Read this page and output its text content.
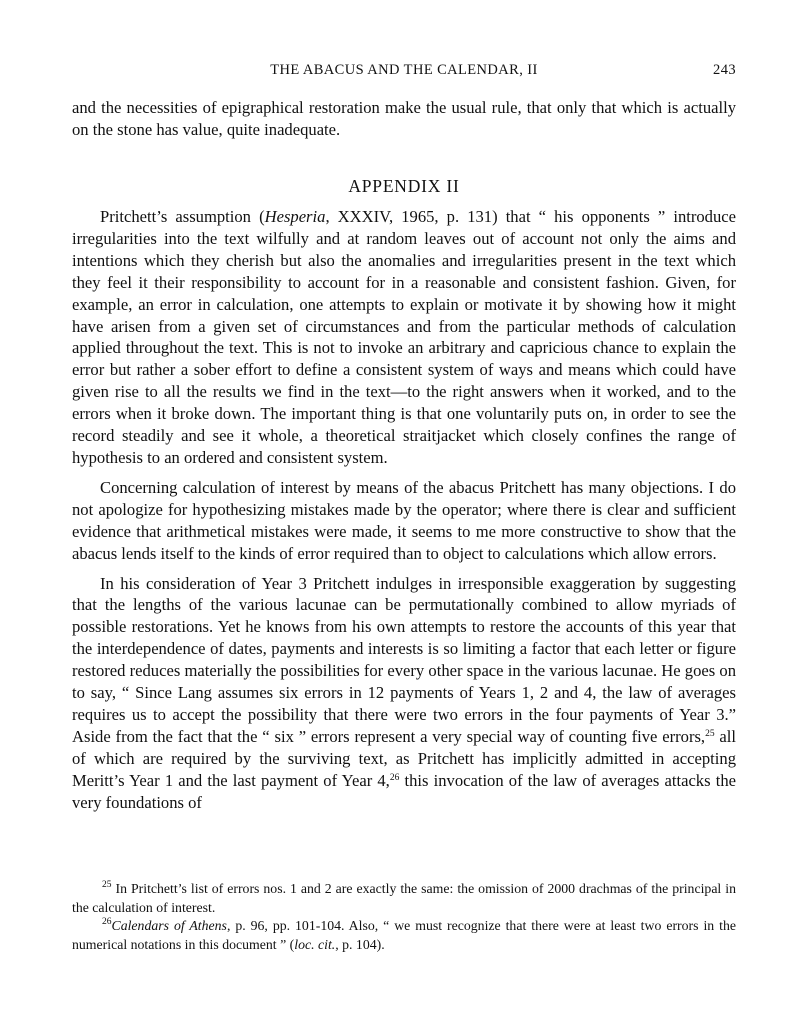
THE ABACUS AND THE CALENDAR, II	243

and the necessities of epigraphical restoration make the usual rule, that only that which is actually on the stone has value, quite inadequate.

APPENDIX II

Pritchett’s assumption (Hesperia, XXXIV, 1965, p. 131) that “ his opponents ” introduce irregularities into the text wilfully and at random leaves out of account not only the aims and intentions which they cherish but also the anomalies and irregularities present in the text which they feel it their responsibility to account for in a reasonable and consistent fashion. Given, for example, an error in calculation, one attempts to explain or motivate it by showing how it might have arisen from a given set of circumstances and from the particular methods of calculation applied throughout the text. This is not to invoke an arbitrary and capricious chance to explain the error but rather a sober effort to define a consistent system of ways and means which could have given rise to all the results we find in the text—to the right answers when it worked, and to the errors when it broke down. The important thing is that one voluntarily puts on, in order to see the record steadily and see it whole, a theoretical straitjacket which closely confines the range of hypothesis to an ordered and consistent system.

Concerning calculation of interest by means of the abacus Pritchett has many objections. I do not apologize for hypothesizing mistakes made by the operator; where there is clear and sufficient evidence that arithmetical mistakes were made, it seems to me more constructive to show that the abacus lends itself to the kinds of error required than to object to calculations which allow errors.

In his consideration of Year 3 Pritchett indulges in irresponsible exaggeration by suggesting that the lengths of the various lacunae can be permutationally combined to allow myriads of possible restorations. Yet he knows from his own attempts to restore the accounts of this year that the interdependence of dates, payments and interests is so limiting a factor that each letter or figure restored reduces materially the possibilities for every other space in the various lacunae. He goes on to say, “ Since Lang assumes six errors in 12 payments of Years 1, 2 and 4, the law of averages requires us to accept the possibility that there were two errors in the four payments of Year 3.” Aside from the fact that the “ six ” errors represent a very special way of counting five errors,$^{25}$ all of which are required by the surviving text, as Pritchett has implicitly admitted in accepting Meritt’s Year 1 and the last payment of Year 4,26 this invocation of the law of averages attacks the very foundations of

$^{25}$ In Pritchett’s list of errors nos. 1 and 2 are exactly the same: the omission of 2000 drachmas of the principal in the calculation of interest.

$^{26}$Calendars of Athens, p. 96, pp. 101-104. Also, “ we must recognize that there were at least two errors in the numerical notations in this document ” (loc. cit., p. 104).
